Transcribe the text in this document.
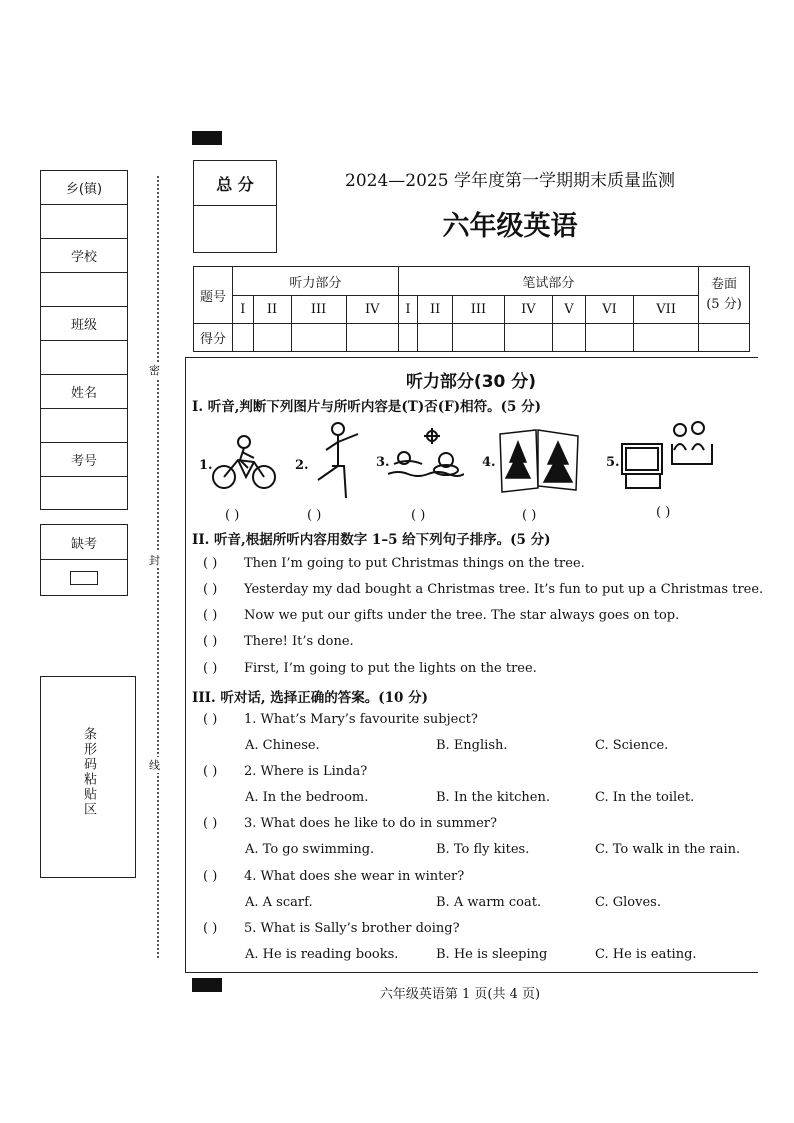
乡(镇)
学校
班级
姓名
考号
缺考
条形码粘贴区
密
封
线
总 分	2024—2025 学年度第一学期期末质量监测
六年级英语
题号	听力部分				笔试部分							卷面
(5 分)

	I	II	III	IV	I	II	III	IV	V	VI	VII	
得分												
听力部分(30 分)
I. 听音,判断下列图片与所听内容是(T)否(F)相符。(5 分)
1.	2.	3.	4.	5.
( )	( )	( )	( )	( )
II. 听音,根据所听内容用数字 1–5 给下列句子排序。(5 分)
( ) Then I’m going to put Christmas things on the tree.
( ) Yesterday my dad bought a Christmas tree. It’s fun to put up a Christmas tree.
( ) Now we put our gifts under the tree. The star always goes on top.
( ) There! It’s done.
( ) First, I’m going to put the lights on the tree.
III. 听对话, 选择正确的答案。(10 分)
( ) 1. What’s Mary’s favourite subject?
A. Chinese.	B. English.	C. Science.
( ) 2. Where is Linda?
A. In the bedroom.	B. In the kitchen.	C. In the toilet.
( ) 3. What does he like to do in summer?
A. To go swimming.	B. To fly kites.	C. To walk in the rain.
( ) 4. What does she wear in winter?
A. A scarf.	B. A warm coat.	C. Gloves.
( ) 5. What is Sally’s brother doing?
A. He is reading books.	B. He is sleeping	C. He is eating.
六年级英语第 1 页(共 4 页)
